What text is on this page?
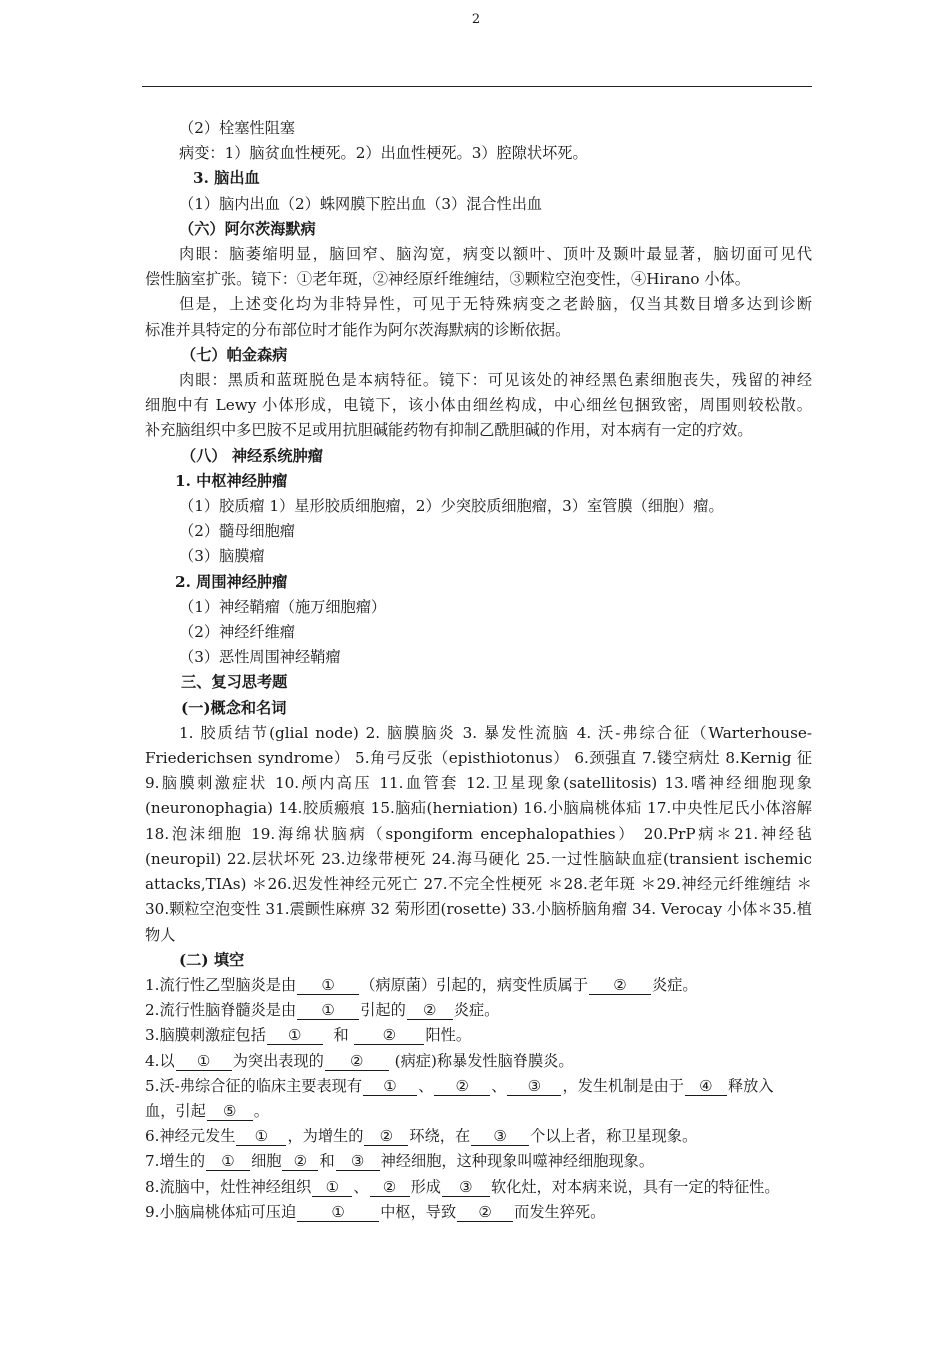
2

（2）栓塞性阻塞

病变：1）脑贫血性梗死。2）出血性梗死。3）腔隙状坏死。

3. 脑出血

（1）脑内出血（2）蛛网膜下腔出血（3）混合性出血

（六）阿尔茨海默病

肉眼：脑萎缩明显，脑回窄、脑沟宽，病变以额叶、顶叶及颞叶最显著，脑切面可见代

偿性脑室扩张。镜下：①老年斑，②神经原纤维缠结，③颗粒空泡变性，④Hirano 小体。

但是，上述变化均为非特异性，可见于无特殊病变之老龄脑，仅当其数目增多达到诊断

标准并具特定的分布部位时才能作为阿尔茨海默病的诊断依据。

（七）帕金森病

肉眼：黑质和蓝斑脱色是本病特征。镜下：可见该处的神经黑色素细胞丧失，残留的神经

细胞中有 Lewy 小体形成，电镜下，该小体由细丝构成，中心细丝包捆致密，周围则较松散。

补充脑组织中多巴胺不足或用抗胆碱能药物有抑制乙酰胆碱的作用，对本病有一定的疗效。

（八） 神经系统肿瘤

1. 中枢神经肿瘤

（1）胶质瘤 1）星形胶质细胞瘤，2）少突胶质细胞瘤，3）室管膜（细胞）瘤。

（2）髓母细胞瘤

（3）脑膜瘤

2. 周围神经肿瘤

（1）神经鞘瘤（施万细胞瘤）

（2）神经纤维瘤

（3）恶性周围神经鞘瘤

三、复习思考题

(一)概念和名词

1. 胶质结节(glial node) 2. 脑膜脑炎 3. 暴发性流脑 4. 沃-弗综合征（Warterhouse-Friederichsen syndrome） 5.角弓反张（episthiotonus） 6.颈强直 7.镂空病灶 8.Kernig 征 9.脑膜刺激症状 10.颅内高压 11.血管套 12.卫星现象(satellitosis) 13.嗜神经细胞现象(neuronophagia) 14.胶质瘢痕 15.脑疝(herniation) 16.小脑扁桃体疝 17.中央性尼氏小体溶解 18.泡沫细胞 19.海绵状脑病（spongiform encephalopathies） 20.PrP病＊21.神经毡(neuropil) 22.层状坏死 23.边缘带梗死 24.海马硬化 25.一过性脑缺血症(transient ischemic attacks,TIAs) ＊26.迟发性神经元死亡 27.不完全性梗死 ＊28.老年斑 ＊29.神经元纤维缠结 ＊ 30.颗粒空泡变性 31.震颤性麻痹 32 菊形团(rosette) 33.小脑桥脑角瘤 34. Verocay 小体＊35.植物人

(二) 填空

1.流行性乙型脑炎是由 ① （病原菌）引起的，病变性质属于 ② 炎症。

2.流行性脑脊髓炎是由 ① 引起的 ② 炎症。

3.脑膜刺激症包括 ① 和 ② 阳性。

4.以 ① 为突出表现的 ② (病症)称暴发性脑脊膜炎。

5.沃-弗综合征的临床主要表现有 ① 、 ② 、 ③ ，发生机制是由于 ④ 释放入

血，引起 ⑤ 。

6.神经元发生 ① ，为增生的 ② 环绕，在 ③ 个以上者，称卫星现象。

7.增生的 ① 细胞 ② 和 ③ 神经细胞，这种现象叫噬神经细胞现象。

8.流脑中，灶性神经组织 ① 、 ② 形成 ③ 软化灶，对本病来说，具有一定的特征性。

9.小脑扁桃体疝可压迫 ① 中枢，导致 ② 而发生猝死。
